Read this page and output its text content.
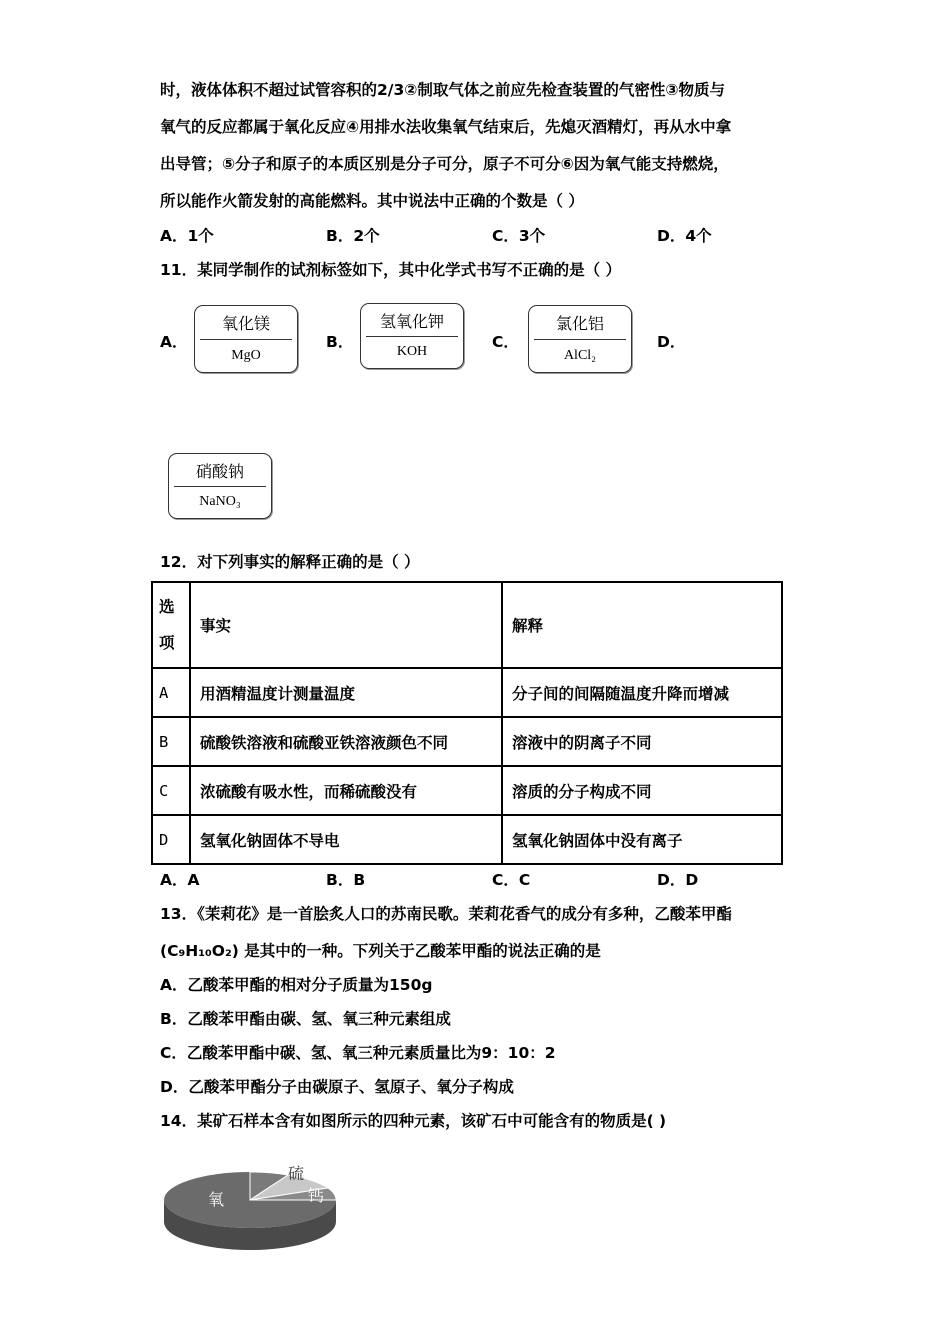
时，液体体积不超过试管容积的2/3②制取气体之前应先检查装置的气密性③物质与
氧气的反应都属于氧化反应④用排水法收集氧气结束后，先熄灭酒精灯，再从水中拿
出导管；⑤分子和原子的本质区别是分子可分，原子不可分⑥因为氧气能支持燃烧，
所以能作火箭发射的高能燃料。其中说法中正确的个数是（ ）
A．1个	B．2个	C．3个	D．4个
11．某同学制作的试剂标签如下，其中化学式书写不正确的是（ ）
A．
氧化镁
MgO
B．
氢氧化钾
KOH
C．
氯化铝
AlCl₂
D．
硝酸钠
NaNO₃
12．对下列事实的解释正确的是（ ）
选
项	事实	解释
A	用酒精温度计测量温度	分子间的间隔随温度升降而增减
B	硫酸铁溶液和硫酸亚铁溶液颜色不同	溶液中的阴离子不同
C	浓硫酸有吸水性，而稀硫酸没有	溶质的分子构成不同
D	氢氧化钠固体不导电	氢氧化钠固体中没有离子
A．A	B．B	C．C	D．D
13．《茉莉花》是一首脍炙人口的苏南民歌。茉莉花香气的成分有多种，乙酸苯甲酯
(C₉H₁₀O₂) 是其中的一种。下列关于乙酸苯甲酯的说法正确的是
A．乙酸苯甲酯的相对分子质量为150g
B．乙酸苯甲酯由碳、氢、氧三种元素组成
C．乙酸苯甲酯中碳、氢、氧三种元素质量比为9：10：2
D．乙酸苯甲酯分子由碳原子、氢原子、氧分子构成
14．某矿石样本含有如图所示的四种元素，该矿石中可能含有的物质是( )
氧
硅 硫
钙
